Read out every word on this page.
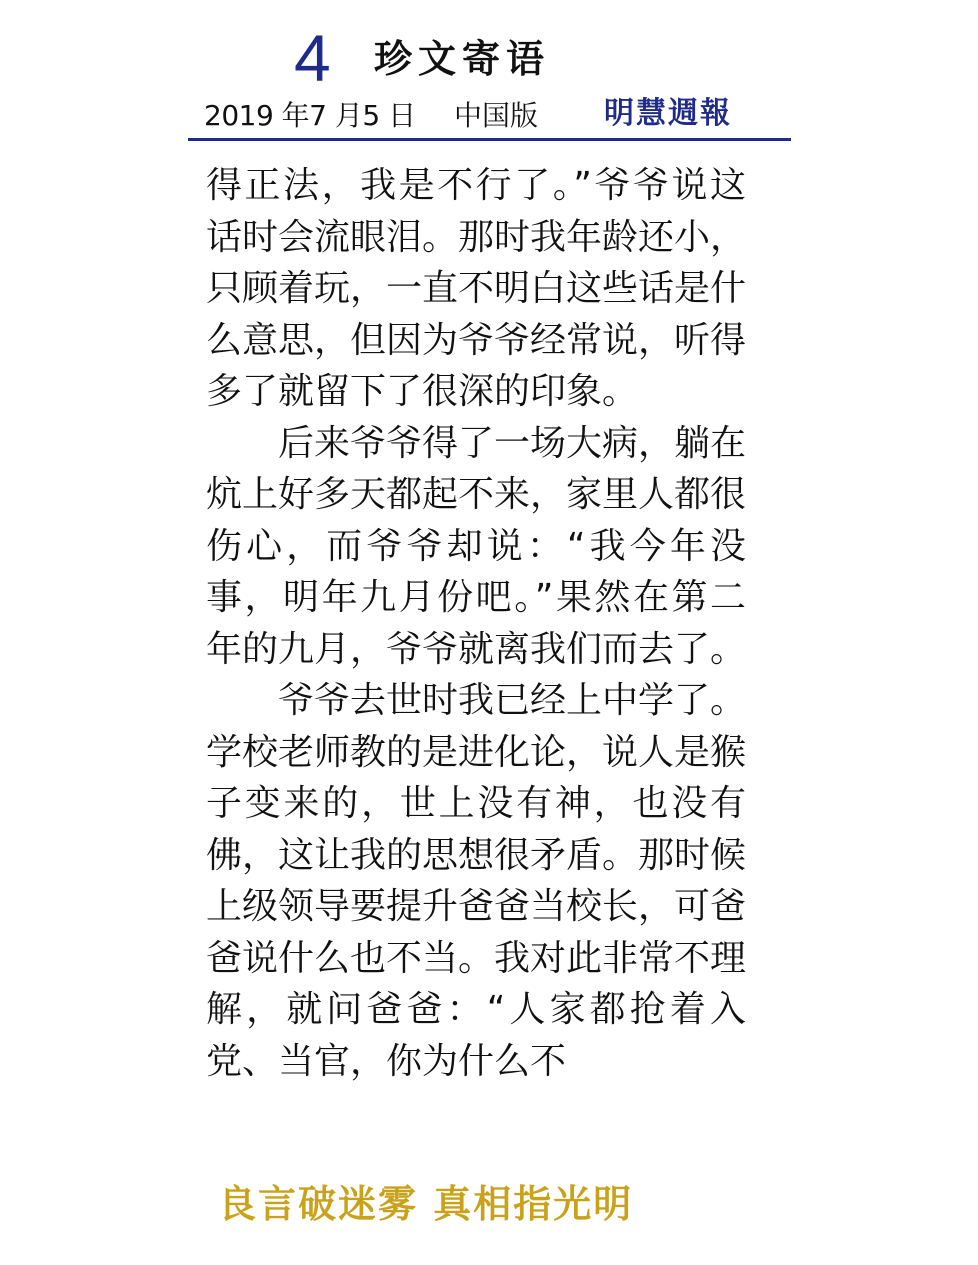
4 珍文寄语
2019 年7 月5 日 中国版 明慧週報

得正法，我是不行了。”爷爷说这话时会流眼泪。那时我年龄还小，只顾着玩，一直不明白这些话是什么意思，但因为爷爷经常说，听得多了就留下了很深的印象。

后来爷爷得了一场大病，躺在炕上好多天都起不来，家里人都很伤心，而爷爷却说：“我今年没事，明年九月份吧。”果然在第二年的九月，爷爷就离我们而去了。

爷爷去世时我已经上中学了。学校老师教的是进化论，说人是猴子变来的，世上没有神，也没有佛，这让我的思想很矛盾。那时候上级领导要提升爸爸当校长，可爸爸说什么也不当。我对此非常不理解，就问爸爸：“人家都抢着入党、当官，你为什么不

良言破迷雾 真相指光明
